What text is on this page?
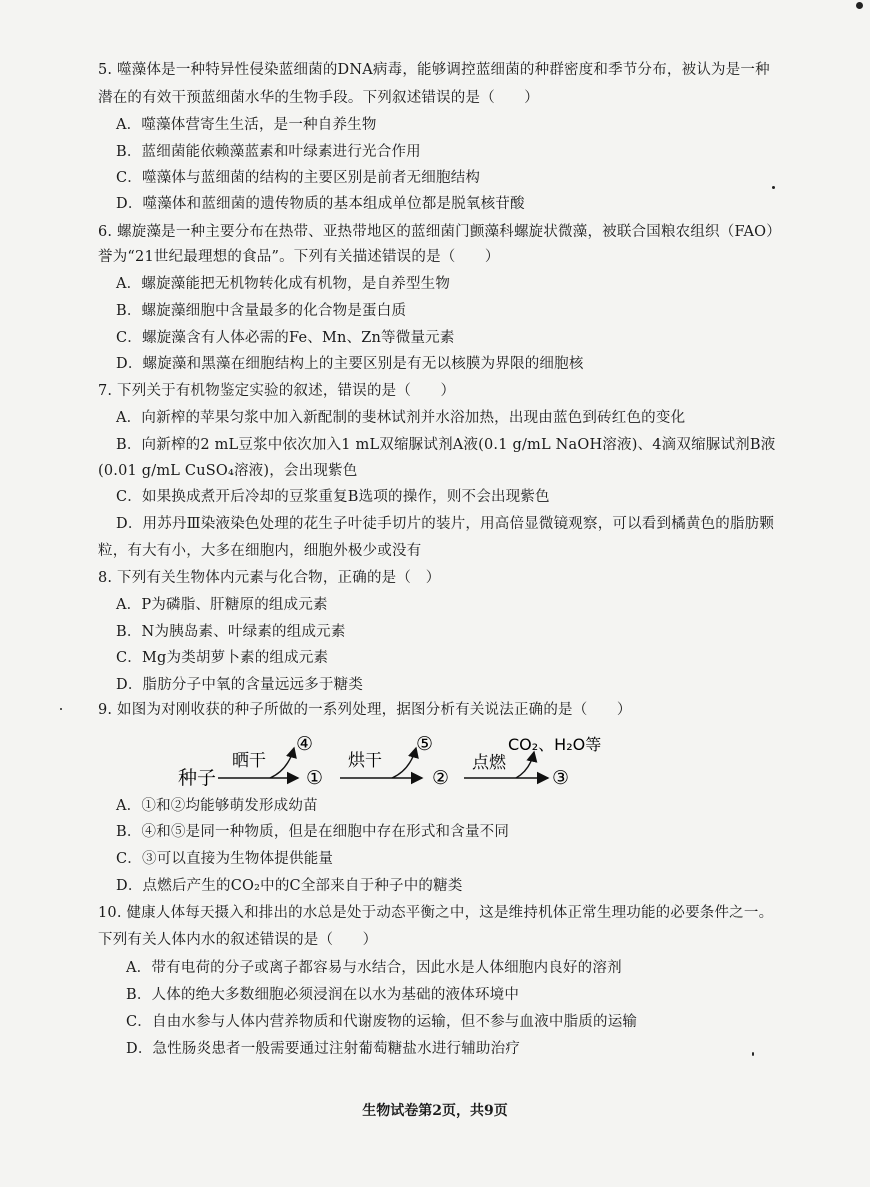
5. 噬藻体是一种特异性侵染蓝细菌的DNA病毒，能够调控蓝细菌的种群密度和季节分布，被认为是一种
潜在的有效干预蓝细菌水华的生物手段。下列叙述错误的是（　　）
A．噬藻体营寄生生活，是一种自养生物
B．蓝细菌能依赖藻蓝素和叶绿素进行光合作用
C．噬藻体与蓝细菌的结构的主要区别是前者无细胞结构
D．噬藻体和蓝细菌的遗传物质的基本组成单位都是脱氧核苷酸
6. 螺旋藻是一种主要分布在热带、亚热带地区的蓝细菌门颤藻科螺旋状微藻，被联合国粮农组织（FAO）
誉为“21世纪最理想的食品”。下列有关描述错误的是（　　）
A．螺旋藻能把无机物转化成有机物，是自养型生物
B．螺旋藻细胞中含量最多的化合物是蛋白质
C．螺旋藻含有人体必需的Fe、Mn、Zn等微量元素
D．螺旋藻和黑藻在细胞结构上的主要区别是有无以核膜为界限的细胞核
7. 下列关于有机物鉴定实验的叙述，错误的是（　　）
A．向新榨的苹果匀浆中加入新配制的斐林试剂并水浴加热，出现由蓝色到砖红色的变化
B．向新榨的2 mL豆浆中依次加入1 mL双缩脲试剂A液(0.1 g/mL NaOH溶液)、4滴双缩脲试剂B液
(0.01 g/mL CuSO₄溶液)，会出现紫色
C．如果换成煮开后冷却的豆浆重复B选项的操作，则不会出现紫色
D．用苏丹Ⅲ染液染色处理的花生子叶徒手切片的装片，用高倍显微镜观察，可以看到橘黄色的脂肪颗
粒，有大有小，大多在细胞内，细胞外极少或没有
8. 下列有关生物体内元素与化合物，正确的是（　）
A．P为磷脂、肝糖原的组成元素
B．N为胰岛素、叶绿素的组成元素
C．Mg为类胡萝卜素的组成元素
D．脂肪分子中氧的含量远远多于糖类
9. 如图为对刚收获的种子所做的一系列处理，据图分析有关说法正确的是（　　）
种子
晒干
④
①
烘干
⑤
②
点燃
CO₂、H₂O等
③
A．①和②均能够萌发形成幼苗
B．④和⑤是同一种物质，但是在细胞中存在形式和含量不同
C．③可以直接为生物体提供能量
D．点燃后产生的CO₂中的C全部来自于种子中的糖类
10. 健康人体每天摄入和排出的水总是处于动态平衡之中，这是维持机体正常生理功能的必要条件之一。
下列有关人体内水的叙述错误的是（　　）
A．带有电荷的分子或离子都容易与水结合，因此水是人体细胞内良好的溶剂
B．人体的绝大多数细胞必须浸润在以水为基础的液体环境中
C．自由水参与人体内营养物质和代谢废物的运输，但不参与血液中脂质的运输
D．急性肠炎患者一般需要通过注射葡萄糖盐水进行辅助治疗
生物试卷第2页，共9页
